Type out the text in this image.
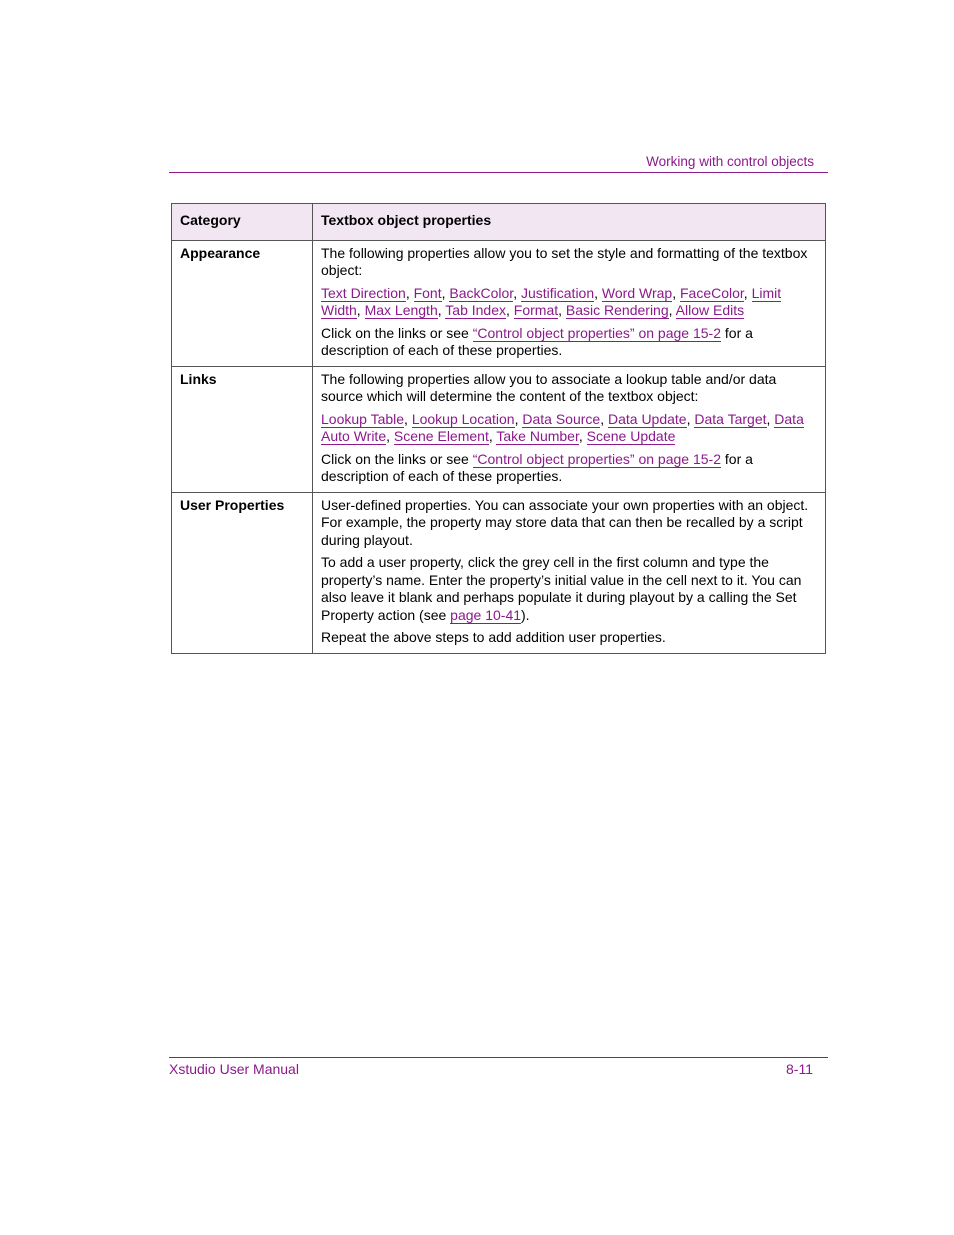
Working with control objects
Category	Textbox object properties
Appearance	The following properties allow you to set the style and formatting of the textbox object:

Text Direction, Font, BackColor, Justification, Word Wrap, FaceColor, Limit Width, Max Length, Tab Index, Format, Basic Rendering, Allow Edits

Click on the links or see “Control object properties” on page 15-2 for a description of each of these properties.

Links	The following properties allow you to associate a lookup table and/or data source which will determine the content of the textbox object:

Lookup Table, Lookup Location, Data Source, Data Update, Data Target, Data Auto Write, Scene Element, Take Number, Scene Update

Click on the links or see “Control object properties” on page 15-2 for a description of each of these properties.

User Properties	User-defined properties. You can associate your own properties with an object. For example, the property may store data that can then be recalled by a script during playout.

To add a user property, click the grey cell in the first column and type the property’s name. Enter the property’s initial value in the cell next to it. You can also leave it blank and perhaps populate it during playout by a calling the Set Property action (see page 10-41).

Repeat the above steps to add addition user properties.

Xstudio User Manual	8-11
